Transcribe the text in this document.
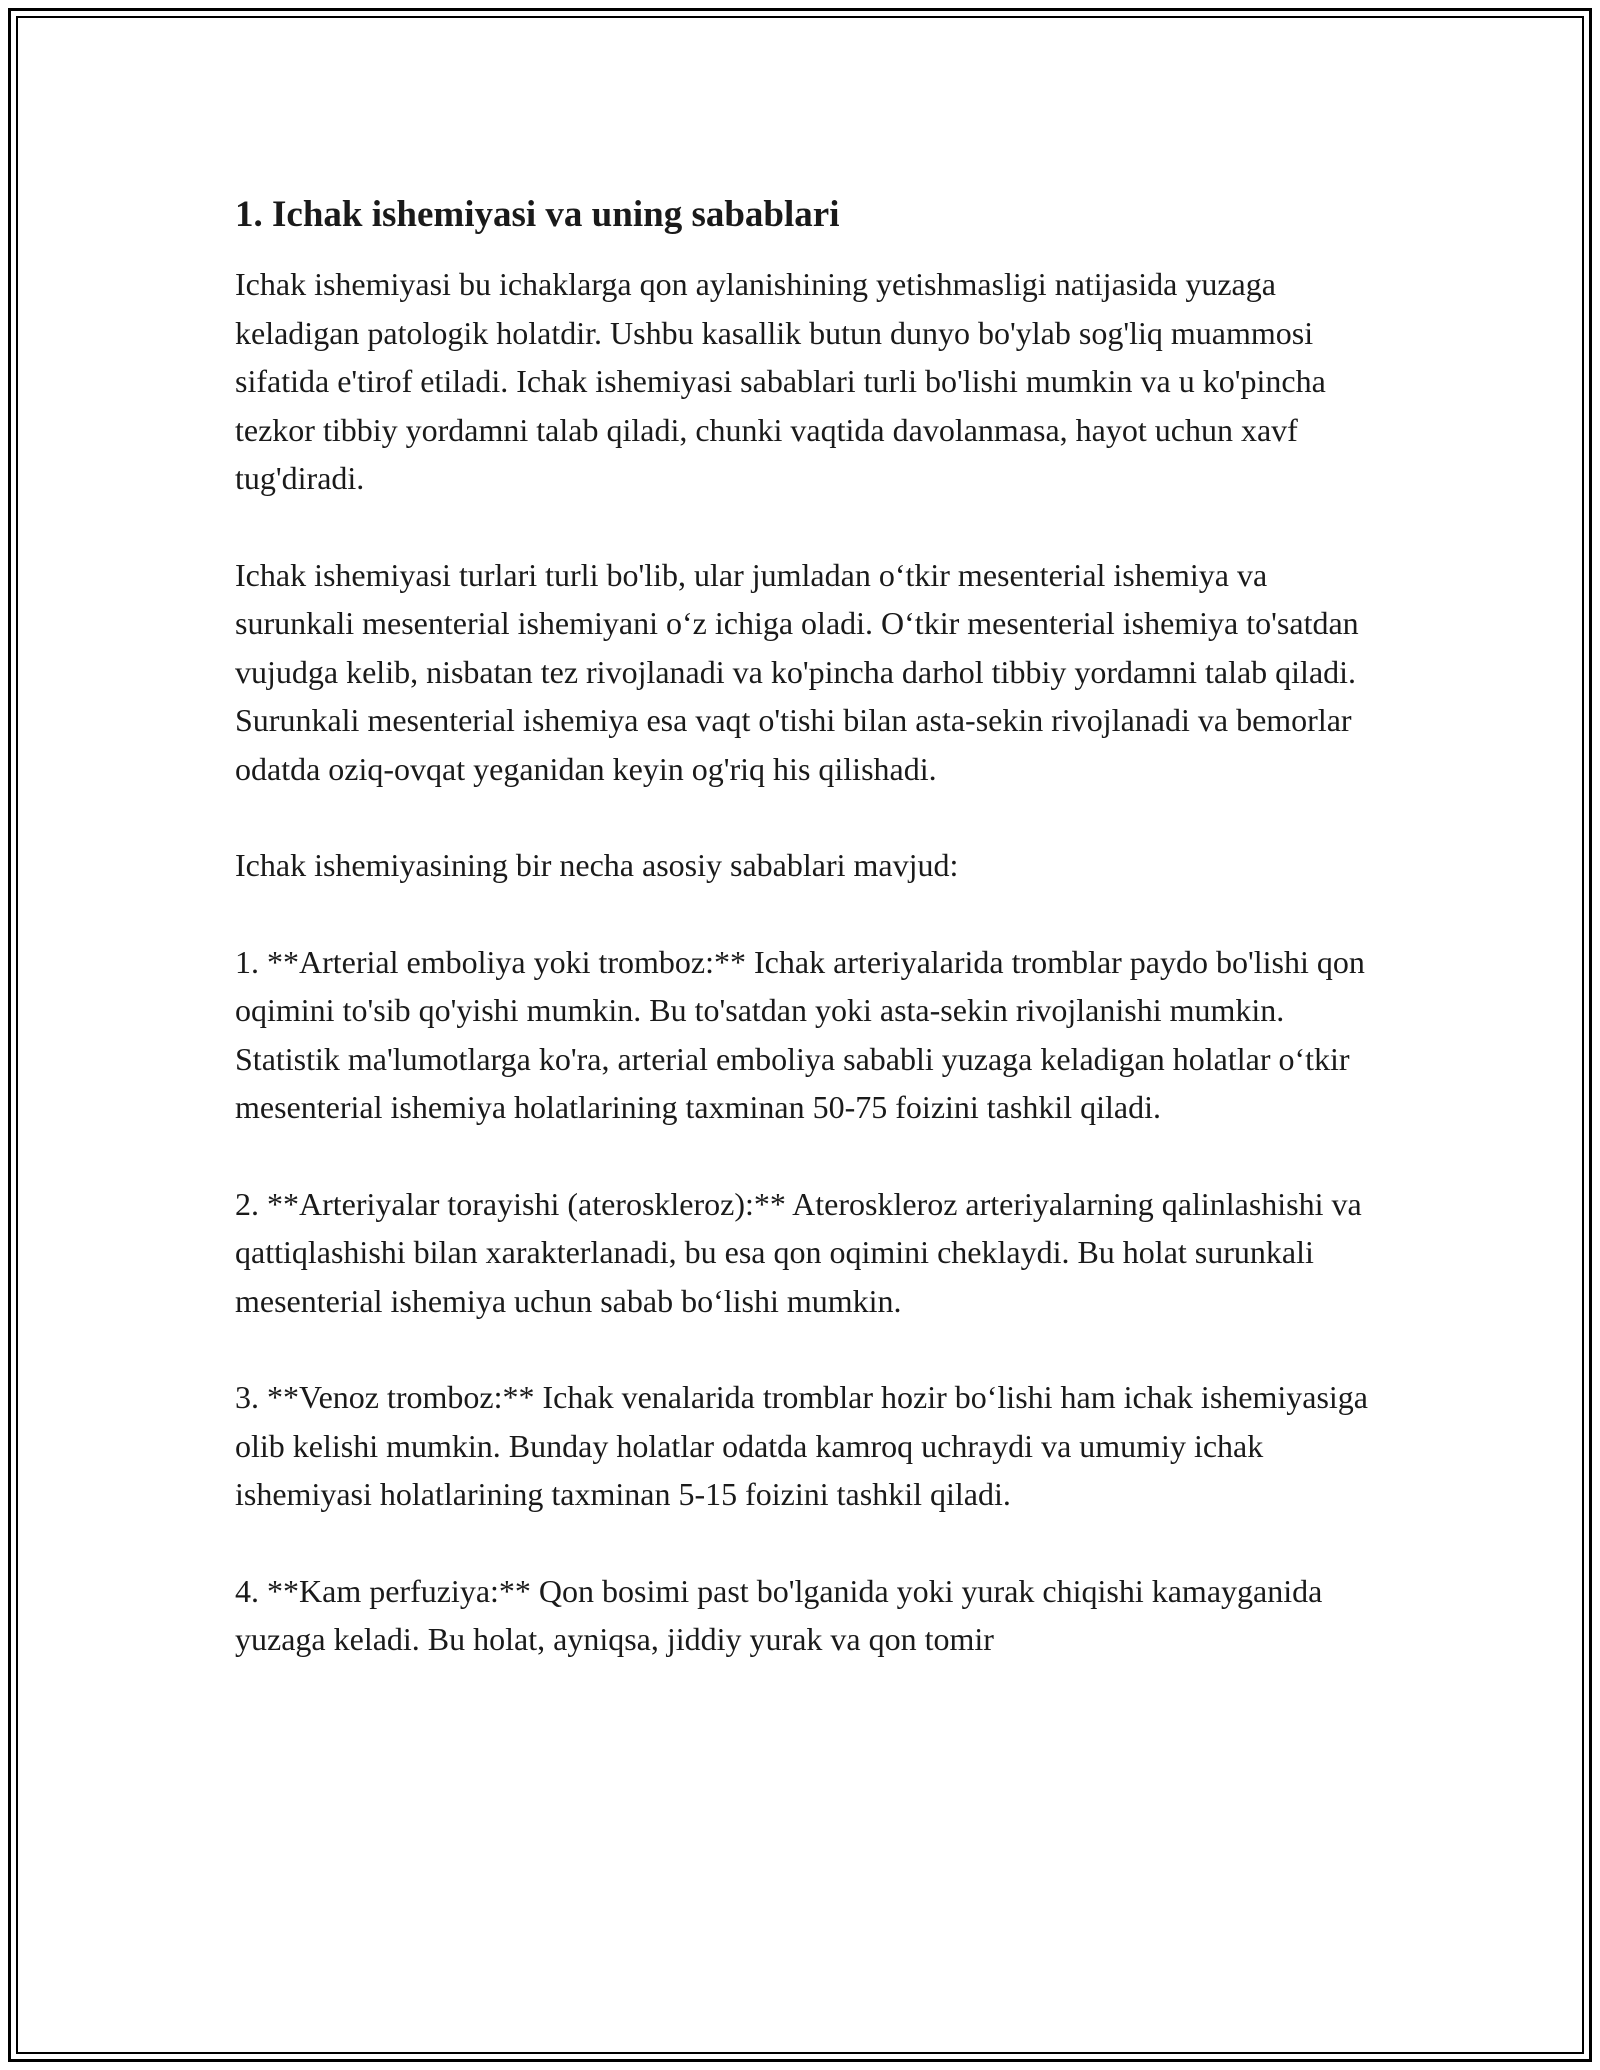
1. Ichak ishemiyasi va uning sabablari

Ichak ishemiyasi bu ichaklarga qon aylanishining yetishmasligi natijasida yuzaga keladigan patologik holatdir. Ushbu kasallik butun dunyo bo'ylab sog'liq muammosi sifatida e'tirof etiladi. Ichak ishemiyasi sabablari turli bo'lishi mumkin va u ko'pincha tezkor tibbiy yordamni talab qiladi, chunki vaqtida davolanmasa, hayot uchun xavf tug'diradi.

Ichak ishemiyasi turlari turli bo'lib, ular jumladan o‘tkir mesenterial ishemiya va surunkali mesenterial ishemiyani o‘z ichiga oladi. O‘tkir mesenterial ishemiya to'satdan vujudga kelib, nisbatan tez rivojlanadi va ko'pincha darhol tibbiy yordamni talab qiladi. Surunkali mesenterial ishemiya esa vaqt o'tishi bilan asta-sekin rivojlanadi va bemorlar odatda oziq-ovqat yeganidan keyin og'riq his qilishadi.

Ichak ishemiyasining bir necha asosiy sabablari mavjud:

1. **Arterial emboliya yoki tromboz:** Ichak arteriyalarida tromblar paydo bo'lishi qon oqimini to'sib qo'yishi mumkin. Bu to'satdan yoki asta-sekin rivojlanishi mumkin. Statistik ma'lumotlarga ko'ra, arterial emboliya sababli yuzaga keladigan holatlar o‘tkir mesenterial ishemiya holatlarining taxminan 50-75 foizini tashkil qiladi.

2. **Arteriyalar torayishi (ateroskleroz):** Ateroskleroz arteriyalarning qalinlashishi va qattiqlashishi bilan xarakterlanadi, bu esa qon oqimini cheklaydi. Bu holat surunkali mesenterial ishemiya uchun sabab bo‘lishi mumkin.

3. **Venoz tromboz:** Ichak venalarida tromblar hozir bo‘lishi ham ichak ishemiyasiga olib kelishi mumkin. Bunday holatlar odatda kamroq uchraydi va umumiy ichak ishemiyasi holatlarining taxminan 5-15 foizini tashkil qiladi.

4. **Kam perfuziya:** Qon bosimi past bo'lganida yoki yurak chiqishi kamayganida yuzaga keladi. Bu holat, ayniqsa, jiddiy yurak va qon tomir
